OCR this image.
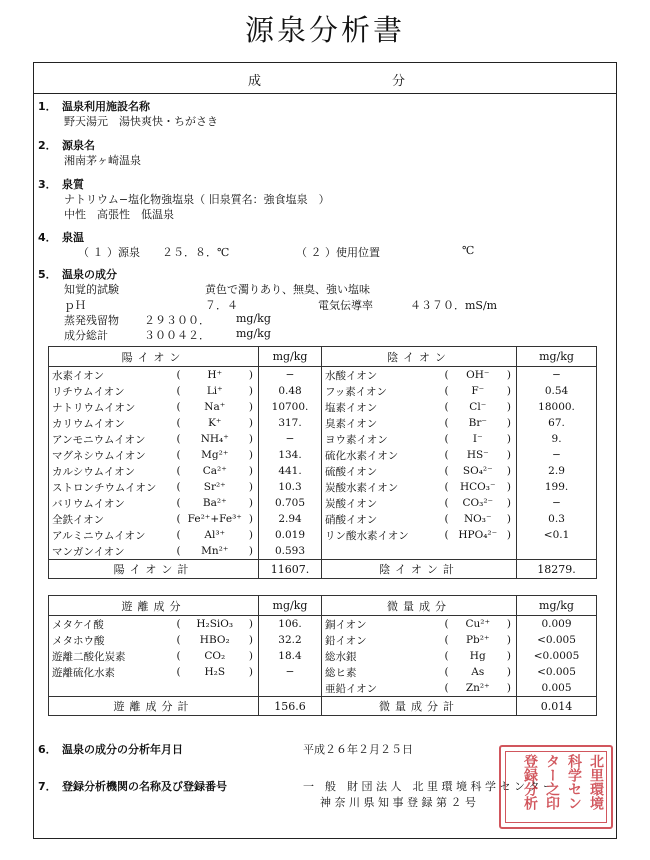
源泉分析書
成	分
1． 温泉利用施設名称
野天湯元　湯快爽快・ちがさき
2． 源泉名
湘南茅ヶ崎温泉
3． 泉質
ナトリウム−塩化物強塩泉（ 旧泉質名：強食塩泉　）
中性　高張性　低温泉
4． 泉温
（ １ ）源泉　　２５．８．℃	（ ２ ）使用位置	℃
5． 温泉の成分
知覚的試験	黄色で濁りあり、無臭、強い塩味
ｐＨ	７．４	電気伝導率	４３７０．mS/m
蒸発残留物 ２９３００． mg/kg
成分総計	３００４２． mg/kg
陽イオン		mg/kg	陰イオン		mg/kg
水素イオン	( H⁺ )	−	水酸イオン	( OH⁻ )	−
リチウムイオン	( Li⁺ )	0.48	フッ素イオン	( F⁻ )	0.54
ナトリウムイオン	( Na⁺ )	10700.	塩素イオン	( Cl⁻ )	18000.
カリウムイオン	( K⁺ )	317.	臭素イオン	( Br⁻ )	67.
アンモニウムイオン	( NH₄⁺ )	−	ヨウ素イオン	( I⁻ )	9.
マグネシウムイオン	( Mg²⁺ )	134.	硫化水素イオン	( HS⁻ )	−
カルシウムイオン	( Ca²⁺ )	441.	硫酸イオン	( SO₄²⁻ )	2.9
ストロンチウムイオン	( Sr²⁺ )	10.3	炭酸水素イオン	( HCO₃⁻ )	199.
バリウムイオン	( Ba²⁺ )	0.705	炭酸イオン	( CO₃²⁻ )	−
全鉄イオン	( Fe²⁺+Fe³⁺ )	2.94	硝酸イオン	( NO₃⁻ )	0.3
アルミニウムイオン	( Al³⁺ )	0.019	リン酸水素イオン	( HPO₄²⁻ )	<0.1
マンガンイオン	( Mn²⁺ )	0.593			
陽イオン計		11607.	陰イオン計		18279.
遊離成分		mg/kg	微量成分		mg/kg
メタケイ酸	( H₂SiO₃ )	106.	銅イオン	( Cu²⁺ )	0.009
メタホウ酸	( HBO₂ )	32.2	鉛イオン	( Pb²⁺ )	<0.005
遊離二酸化炭素	( CO₂ )	18.4	総水銀	( Hg )	<0.0005
遊離硫化水素	( H₂S )	−	総ヒ素	( As )	<0.005
			亜鉛イオン	( Zn²⁺ )	0.005
遊離成分計		156.6	微量成分計		0.014
6． 温泉の成分の分析年月日	平成２６年２月２５日
7． 登録分析機関の名称及び登録番号	一　般　財 団 法 人　北 里 環 境 科 学 セ ン タ ー
神 奈 川 県 知 事 登 録 第 ２ 号	北里環境
科学セン
ター之印
登録分析
